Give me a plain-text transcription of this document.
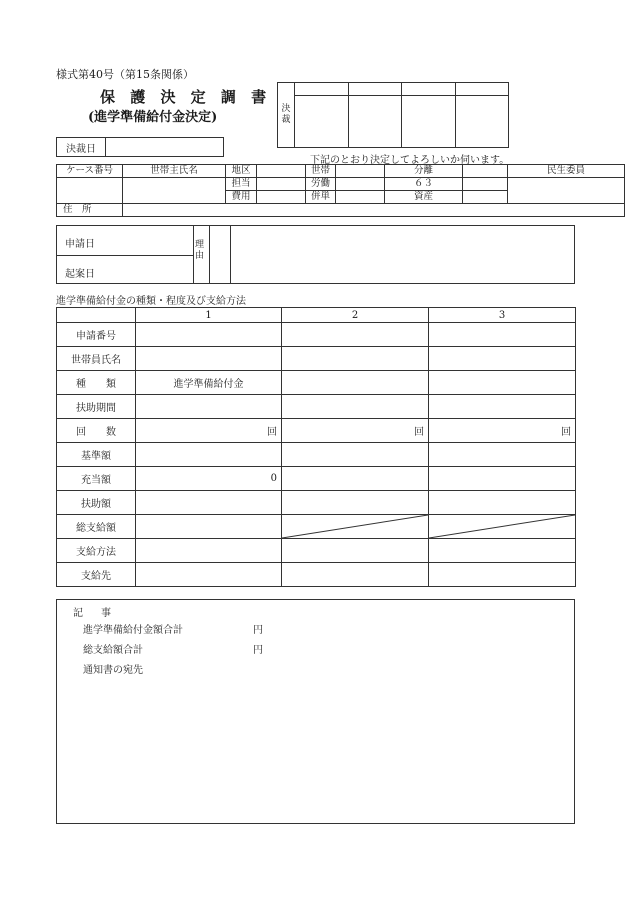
様式第40号（第15条関係）
保 護 決 定 調 書
(進学準備給付金決定)
決裁				

決裁日	
下記のとおり決定してよろしいか伺います。
ケース番号	世帯主氏名	地区		世帯		分離		民生委員
		担当		労働		６３		
		費用		併単		資産		
住　所								
申請日
起案日
理由
進学準備給付金の種類・程度及び支給方法
	1	2	3
申請番号			
世帯員氏名			
種　　類	進学準備給付金		
扶助期間			
回　　数	回	回	回
基準額			
充当額	0		
扶助額			
総支給額		

支給方法			
支給先			
記事
進学準備給付金額合計	円
総支給額合計	円
通知書の宛先
